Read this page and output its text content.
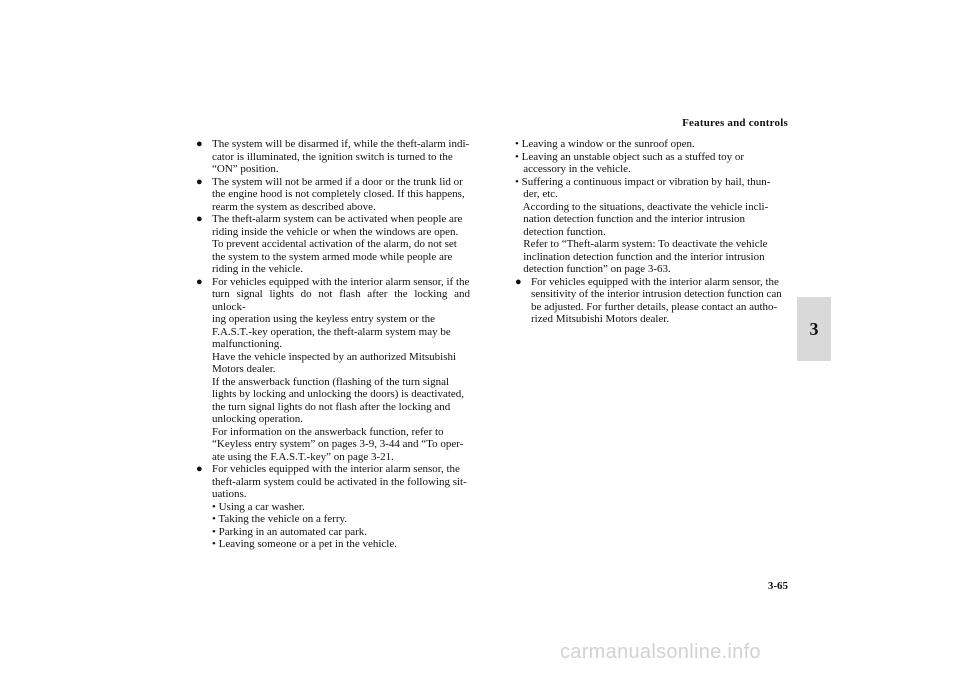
Features and controls
3
● The system will be disarmed if, while the theft-alarm indi-
cator is illuminated, the ignition switch is turned to the
“ON” position.
● The system will not be armed if a door or the trunk lid or
the engine hood is not completely closed. If this happens,
rearm the system as described above.
● The theft-alarm system can be activated when people are
riding inside the vehicle or when the windows are open.
To prevent accidental activation of the alarm, do not set
the system to the system armed mode while people are
riding in the vehicle.
● For vehicles equipped with the interior alarm sensor, if the
turn signal lights do not flash after the locking and unlock-
ing operation using the keyless entry system or the
F.A.S.T.-key operation, the theft-alarm system may be
malfunctioning.
Have the vehicle inspected by an authorized Mitsubishi
Motors dealer.
If the answerback function (flashing of the turn signal
lights by locking and unlocking the doors) is deactivated,
the turn signal lights do not flash after the locking and
unlocking operation.
For information on the answerback function, refer to
“Keyless entry system” on pages 3-9, 3-44 and “To oper-
ate using the F.A.S.T.-key” on page 3-21.
● For vehicles equipped with the interior alarm sensor, the
theft-alarm system could be activated in the following sit-
uations.
• Using a car washer.
• Taking the vehicle on a ferry.
• Parking in an automated car park.
• Leaving someone or a pet in the vehicle.
• Leaving a window or the sunroof open.
• Leaving an unstable object such as a stuffed toy or
accessory in the vehicle.
• Suffering a continuous impact or vibration by hail, thun-
der, etc.
According to the situations, deactivate the vehicle incli-
nation detection function and the interior intrusion
detection function.
Refer to “Theft-alarm system: To deactivate the vehicle
inclination detection function and the interior intrusion
detection function” on page 3-63.
● For vehicles equipped with the interior alarm sensor, the
sensitivity of the interior intrusion detection function can
be adjusted. For further details, please contact an autho-
rized Mitsubishi Motors dealer.
3-65
carmanualsonline.info
